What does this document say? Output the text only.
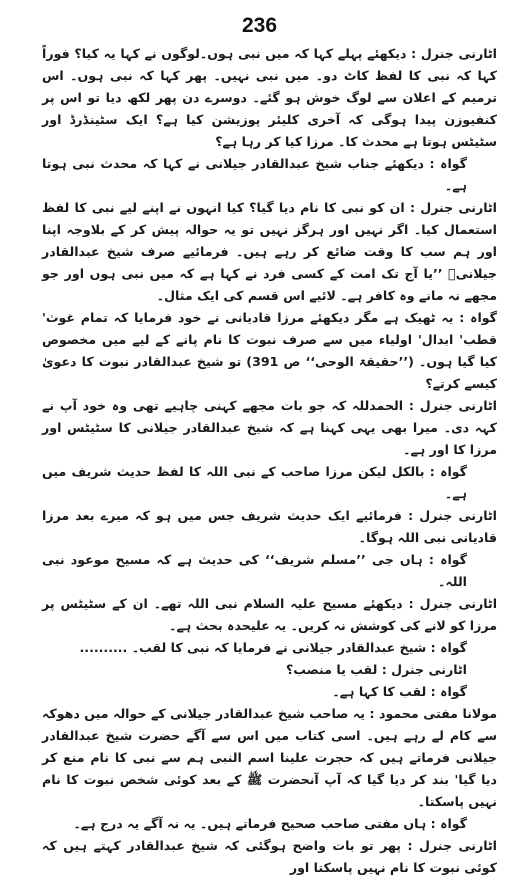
236

اٹارنی جنرل : دیکھئے پہلے کہا کہ میں نبی ہوں۔لوگوں نے کہا یہ کیا؟ فوراً کہا کہ نبی کا لفظ کاٹ دو۔ میں نبی نہیں۔ پھر کہا کہ نبی ہوں۔ اس ترمیم کے اعلان سے لوگ خوش ہو گئے۔ دوسرے دن پھر لکھ دیا تو اس پر کنفیوزن پیدا ہوگی کہ آخری کلیئر پوزیشن کیا ہے؟ ایک سٹینڈرڈ اور سٹیٹس ہوتا ہے محدث کا۔ مرزا کیا کر رہا ہے؟

گواہ : دیکھئے جناب شیخ عبدالقادر جیلانی نے کہا کہ محدث نبی ہوتا ہے۔

اٹارنی جنرل : ان کو نبی کا نام دیا گیا؟ کیا انہوں نے اپنے لیے نبی کا لفظ استعمال کیا۔ اگر نہیں اور ہرگز نہیں تو یہ حوالہ پیش کر کے بلاوجہ اپنا اور ہم سب کا وقت ضائع کر رہے ہیں۔ فرمائیے صرف شیخ عبدالقادر جیلانیؒ ’’یا آج تک امت کے کسی فرد نے کہا ہے کہ میں نبی ہوں اور جو مجھے نہ مانے وہ کافر ہے۔ لائیے اس قسم کی ایک مثال۔

گواہ : یہ ٹھیک ہے مگر دیکھئے مرزا قادیانی نے خود فرمایا کہ تمام غوث' قطب' ابدال' اولیاء میں سے صرف نبوت کا نام پانے کے لیے میں مخصوص کیا گیا ہوں۔ (’’حقیقۃ الوحی‘‘ ص 391) تو شیخ عبدالقادر نبوت کا دعویٰ کیسے کرتے؟

اٹارنی جنرل : الحمدللہ کہ جو بات مجھے کہنی چاہیے تھی وہ خود آپ نے کہہ دی۔ میرا بھی یہی کہنا ہے کہ شیخ عبدالقادر جیلانی کا سٹیٹس اور مرزا کا اور ہے۔

گواہ : بالکل لیکن مرزا صاحب کے نبی اللہ کا لفظ حدیث شریف میں ہے۔

اٹارنی جنرل : فرمائیے ایک حدیث شریف جس میں ہو کہ میرے بعد مرزا قادیانی نبی اللہ ہوگا۔

گواہ : ہاں جی ’’مسلم شریف‘‘ کی حدیث ہے کہ مسیح موعود نبی اللہ۔

اٹارنی جنرل : دیکھئے مسیح علیہ السلام نبی اللہ تھے۔ ان کے سٹیٹس پر مرزا کو لانے کی کوشش نہ کریں۔ یہ علیحدہ بحث ہے۔

گواہ : شیخ عبدالقادر جیلانی نے فرمایا کہ نبی کا لقب۔ ..........

اٹارنی جنرل : لقب یا منصب؟

گواہ : لقب کا کہا ہے۔

مولانا مفتی محمود : یہ صاحب شیخ عبدالقادر جیلانی کے حوالہ میں دھوکہ سے کام لے رہے ہیں۔ اسی کتاب میں اس سے آگے حضرت شیخ عبدالقادر جیلانی فرماتے ہیں کہ حجرت علینا اسم النبی ہم سے نبی کا نام منع کر دیا گیا' بند کر دیا گیا کہ آپ آنحضرت ﷺ کے بعد کوئی شخص نبوت کا نام نہیں پاسکتا۔

گواہ : ہاں مفتی صاحب صحیح فرماتے ہیں۔ یہ نہ آگے یہ درج ہے۔

اٹارنی جنرل : پھر تو بات واضح ہوگئی کہ شیخ عبدالقادر کہتے ہیں کہ کوئی نبوت کا نام نہیں پاسکتا اور
